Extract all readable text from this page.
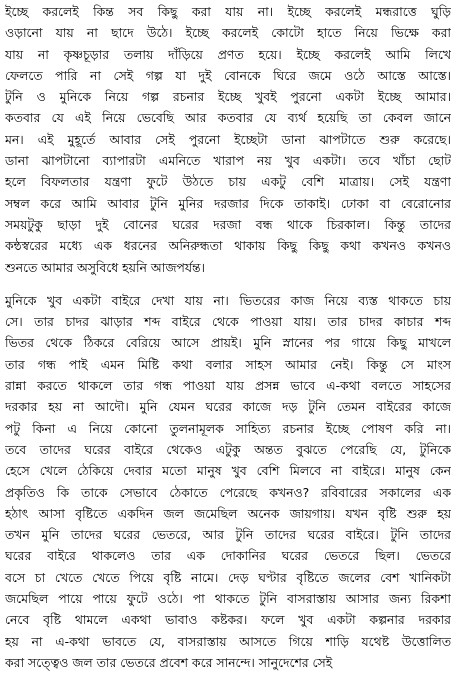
ইচ্ছে করলেই কিন্ত সব কিছু করা যায় না। ইচ্ছে করলেই মন্ধরাত্তে ঘুড়ি
ওড়ানো যায় না ছাদে উঠে। ইচ্ছে করলেই কোটো হাতে নিয়ে ভিক্ষে করা
যায় না কৃষ্ণচূড়ার তলায় দাঁড়িয়ে প্রণত হয়ে। ইচ্ছে করলেই আমি লিখে
ফেলতে পারি না সেই গল্প যা দুই বোনকে ঘিরে জমে ওঠে আস্তে আস্তে।
টুনি ও মুনিকে নিয়ে গল্প রচনার ইচ্ছে খুবই পুরনো একটা ইচ্ছে আমার।
কতবার যে এই নিয়ে ভেবেছি আর কতবার যে ব্যর্থ হয়েছি তা কেবল জানে
মন। এই মুহূর্তে আবার সেই পুরনো ইচ্ছেটা ডানা ঝাপটাতে শুরু করেছে।
ডানা ঝাপটানো ব্যাপারটা এমনিতে খারাপ নয় খুব একটা। তবে খাঁচা ছোট
হলে বিফলতার যন্ত্রণা ফুটে উঠতে চায় একটু বেশি মাত্রায়। সেই যন্ত্রণা
সম্বল করে আমি আবার টুনি মুনির দরজার দিকে তাকাই। ঢোকা বা বেরোনোর
সময়টুকু ছাড়া দুই বোনের ঘরের দরজা বন্ধ থাকে চিরকাল। কিন্তু তাদের
কন্ঠস্বরের মধ্যে এক ধরনের অনিরুন্ধতা থাকায় কিছু কিছু কথা কখনও কখনও
শুনতে আমার অসুবিধে হয়নি আজপর্যন্ত।
মুনিকে খুব একটা বাইরে দেখা যায় না। ভিতরের কাজ নিয়ে ব্যস্ত থাকতে চায়
সে। তার চাদর ঝাড়ার শব্দ বাইরে থেকে পাওয়া যায়। তার চাদর কাচার শব্দ
ভিতর থেকে ঠিকরে বেরিয়ে আসে প্রায়ই। মুনি স্নানের পর গায়ে কিছু মাখলে
তার গন্ধ পাই এমন মিষ্টি কথা বলার সাহস আমার নেই। কিন্তু সে মাংস
রান্না করতে থাকলে তার গন্ধ পাওয়া যায় প্রসন্ন ভাবে এ-কথা বলতে সাহসের
দরকার হয় না আদৌ। মুনি যেমন ঘরের কাজে দড় টুনি তেমন বাইরের কাজে
পটু কিনা এ নিয়ে কোনো তুলনামূলক সাহিত্য রচনার ইচ্ছে পোষণ করি না।
তবে তাদের ঘরের বাইরে থেকেও এটুকু অন্তত বুঝতে পেরেছি যে, টুনিকে
হেসে খেলে ঠেকিয়ে দেবার মতো মানুষ খুব বেশি মিলবে না বাইরে। মানুষ কেন
প্রকৃতিও কি তাকে সেভাবে ঠেকাতে পেরেছে কখনও? রবিবারের সকালের এক
হঠাৎ আসা বৃষ্টিতে একদিন জল জমেছিল অনেক জায়গায়। যখন বৃষ্টি শুরু হয়
তখন মুনি তাদের ঘরের ভেতরে, আর টুনি তাদের ঘরের বাইরে। টুনি তাদের
ঘরের বাইরে থাকলেও তার এক দোকানির ঘরের ভেতরে ছিল। ভেতরে
বসে চা খেতে খেতে পিয়ে বৃষ্টি নামে। দেড় ঘণ্টার বৃষ্টিতে জলের বেশ খানিকটা
জমেছিল পায়ে পায়ে ফুটে ওঠে। পা থাকতে টুনি বাসরাস্তায় আসার জন্য রিকশা
নেবে বৃষ্টি থামলে একথা ভাবাও কষ্টকর। ফলে খুব একটা কল্পনার দরকার
হয় না এ-কথা ভাবতে যে, বাসরাস্তায় আসতে গিয়ে শাড়ি যথেষ্ট উত্তোলিত
করা সত্ত্বেও জল তার ভেতরে প্রবেশ করে সানন্দে। সানুদেশের সেই
